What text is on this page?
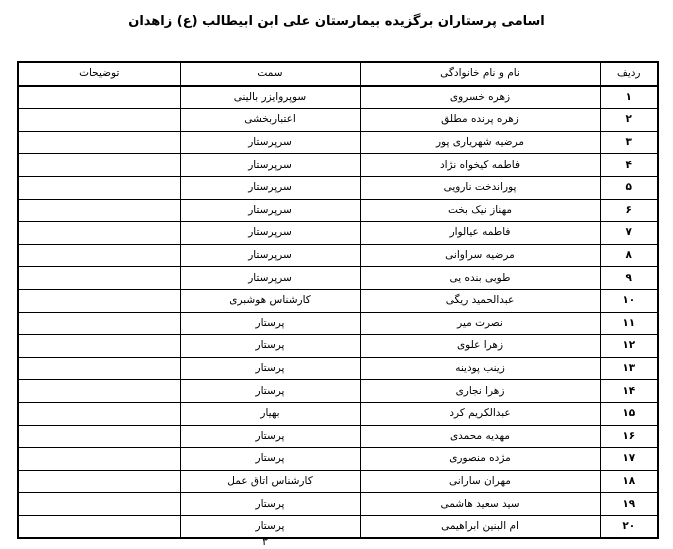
اسامی پرستاران برگزیده بیمارستان علی ابن ابیطالب (ع) زاهدان
ردیف	نام و نام خانوادگی	سمت	توضیحات
۱	زهره خسروی	سوپروایزر بالینی	
۲	زهره پرنده مطلق	اعتباربخشی	
۳	مرضیه شهریاری پور	سرپرستار	
۴	فاطمه کیخواه نژاد	سرپرستار	
۵	پوراندخت نارویی	سرپرستار	
۶	مهناز نیک بخت	سرپرستار	
۷	فاطمه عیالوار	سرپرستار	
۸	مرضیه سراوانی	سرپرستار	
۹	طوبی بنده یی	سرپرستار	
۱۰	عبدالحمید ریگی	کارشناس هوشبری	
۱۱	نصرت میر	پرستار	
۱۲	زهرا علوی	پرستار	
۱۳	زینب پودینه	پرستار	
۱۴	زهرا نجاری	پرستار	
۱۵	عبدالکریم کرد	بهیار	
۱۶	مهدیه محمدی	پرستار	
۱۷	مژده منصوری	پرستار	
۱۸	مهران سارانی	کارشناس اتاق عمل	
۱۹	سید سعید هاشمی	پرستار	
۲۰	ام البنین ابراهیمی	پرستار	
۳
